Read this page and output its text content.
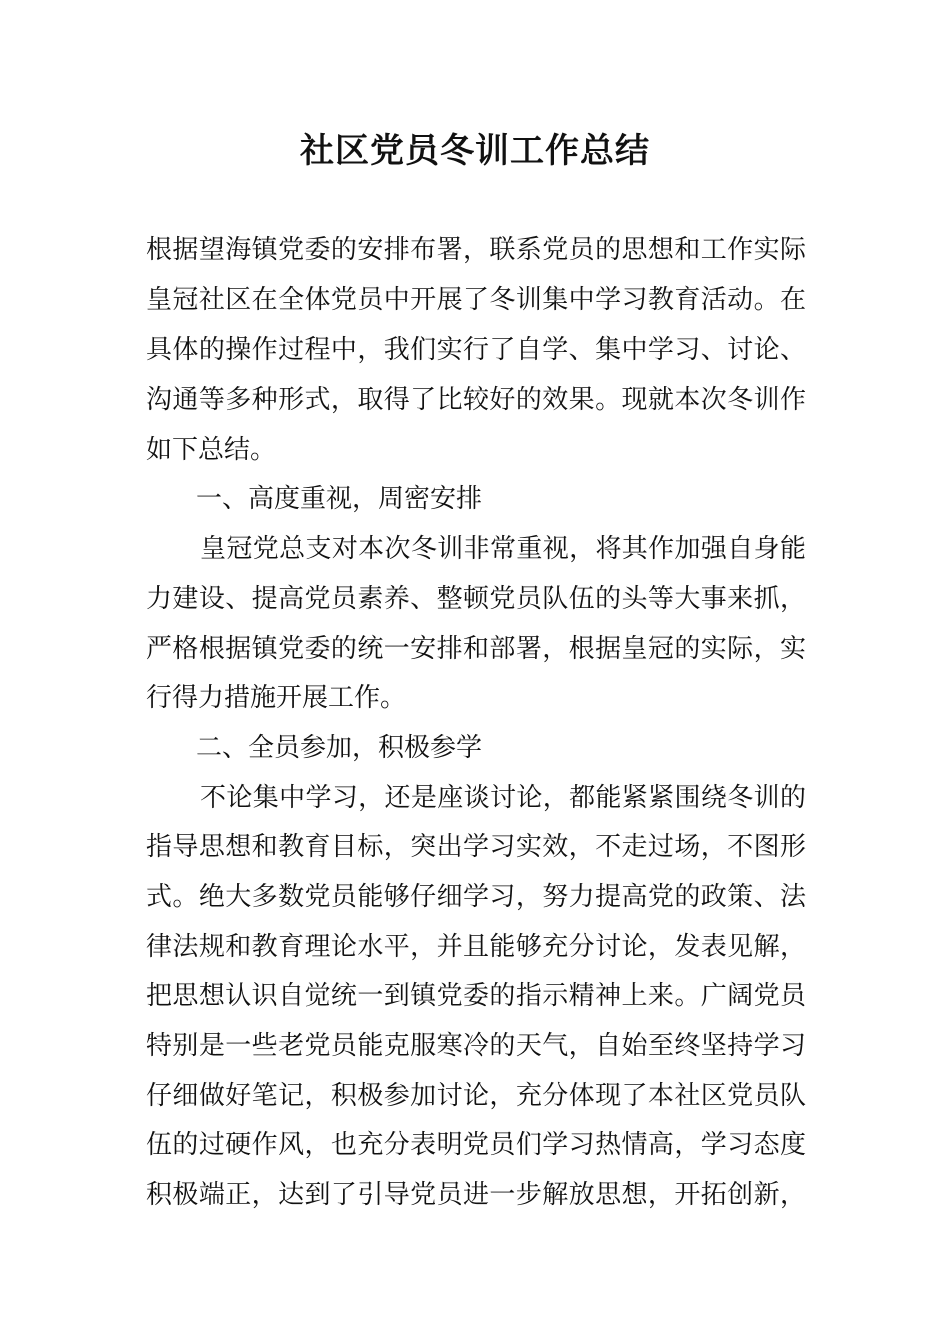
社区党员冬训工作总结

根据望海镇党委的安排布署，联系党员的思想和工作实际

皇冠社区在全体党员中开展了冬训集中学习教育活动。在

具体的操作过程中，我们实行了自学、集中学习、讨论、

沟通等多种形式，取得了比较好的效果。现就本次冬训作

如下总结。

一、高度重视，周密安排

皇冠党总支对本次冬训非常重视，将其作加强自身能

力建设、提高党员素养、整顿党员队伍的头等大事来抓，

严格根据镇党委的统一安排和部署，根据皇冠的实际，实

行得力措施开展工作。

二、全员参加，积极参学

不论集中学习，还是座谈讨论，都能紧紧围绕冬训的

指导思想和教育目标，突出学习实效，不走过场，不图形

式。绝大多数党员能够仔细学习，努力提高党的政策、法

律法规和教育理论水平，并且能够充分讨论，发表见解，

把思想认识自觉统一到镇党委的指示精神上来。广阔党员

特别是一些老党员能克服寒冷的天气，自始至终坚持学习

仔细做好笔记，积极参加讨论，充分体现了本社区党员队

伍的过硬作风，也充分表明党员们学习热情高，学习态度

积极端正，达到了引导党员进一步解放思想，开拓创新，
